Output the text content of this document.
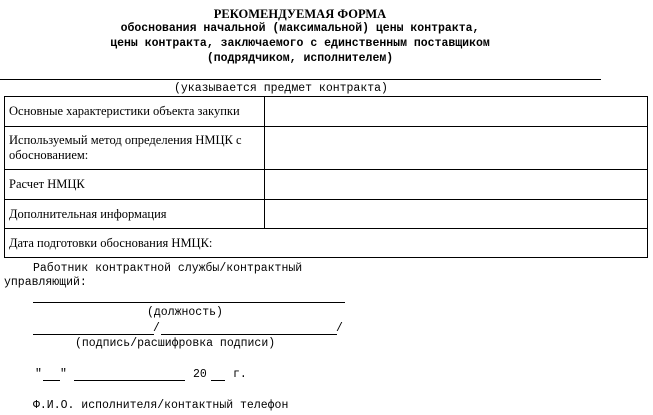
РЕКОМЕНДУЕМАЯ ФОРМА
обоснования начальной (максимальной) цены контракта,
цены контракта, заключаемого с единственным поставщиком
(подрядчиком, исполнителем)
(указывается предмет контракта)
Основные характеристики объекта закупки	
Используемый метод определения НМЦК с обоснованием:	
Расчет НМЦК	
Дополнительная информация	
Дата подготовки обоснования НМЦК:	
Работник контрактной службы/контрактный
управляющий:
(должность)
/	/
(подпись/расшифровка подписи)
" "	20 г.
Ф.И.О. исполнителя/контактный телефон
